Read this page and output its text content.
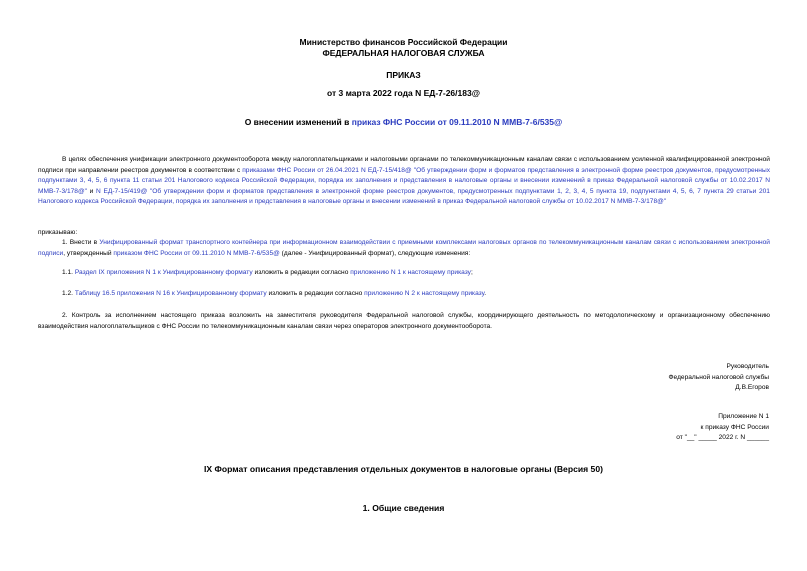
Министерство финансов Российской Федерации
ФЕДЕРАЛЬНАЯ НАЛОГОВАЯ СЛУЖБА
ПРИКАЗ
от 3 марта 2022 года N ЕД-7-26/183@
О внесении изменений в приказ ФНС России от 09.11.2010 N ММВ-7-6/535@
В целях обеспечения унификации электронного документооборота между налогоплательщиками и налоговыми органами по телекоммуникационным каналам связи с использованием усиленной квалифицированной электронной подписи при направлении реестров документов в соответствии с приказами ФНС России от 26.04.2021 N ЕД-7-15/418@ "Об утверждении форм и форматов представления в электронной форме реестров документов, предусмотренных подпунктами 3, 4, 5, 6 пункта 11 статьи 201 Налогового кодекса Российской Федерации, порядка их заполнения и представления в налоговые органы и внесении изменений в приказ Федеральной налоговой службы от 10.02.2017 N ММВ-7-3/178@" и N ЕД-7-15/419@ "Об утверждении форм и форматов представления в электронной форме реестров документов, предусмотренных подпунктами 1, 2, 3, 4, 5 пункта 19, подпунктами 4, 5, 6, 7 пункта 29 статьи 201 Налогового кодекса Российской Федерации, порядка их заполнения и представления в налоговые органы и внесении изменений в приказ Федеральной налоговой службы от 10.02.2017 N ММВ-7-3/178@"
приказываю:
1. Внести в Унифицированный формат транспортного контейнера при информационном взаимодействии с приемными комплексами налоговых органов по телекоммуникационным каналам связи с использованием электронной подписи, утвержденный приказом ФНС России от 09.11.2010 N ММВ-7-6/535@ (далее - Унифицированный формат), следующие изменения:
1.1. Раздел IX приложения N 1 к Унифицированному формату изложить в редакции согласно приложению N 1 к настоящему приказу;
1.2. Таблицу 16.5 приложения N 16 к Унифицированному формату изложить в редакции согласно приложению N 2 к настоящему приказу.
2. Контроль за исполнением настоящего приказа возложить на заместителя руководителя Федеральной налоговой службы, координирующего деятельность по методологическому и организационному обеспечению взаимодействия налогоплательщиков с ФНС России по телекоммуникационным каналам связи через операторов электронного документооборота.
Руководитель
Федеральной налоговой службы
Д.В.Егоров
Приложение N 1
к приказу ФНС России
от "__" _____ 2022 г. N ______
IX Формат описания представления отдельных документов в налоговые органы (Версия 50)
1. Общие сведения
